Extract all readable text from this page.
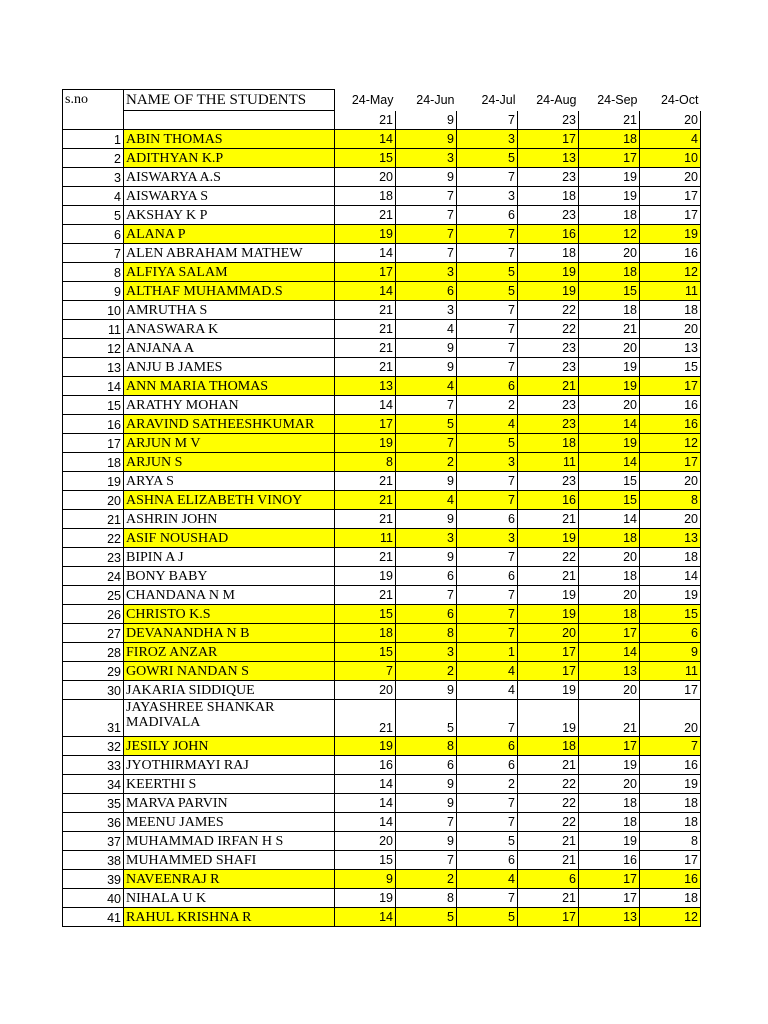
s.no	NAME OF THE STUDENTS	24-May	24-Jun	24-Jul	24-Aug	24-Sep	24-Oct
		21	9	7	23	21	20
1	ABIN THOMAS	14	9	3	17	18	4
2	ADITHYAN K.P	15	3	5	13	17	10
3	AISWARYA A.S	20	9	7	23	19	20
4	AISWARYA S	18	7	3	18	19	17
5	AKSHAY K P	21	7	6	23	18	17
6	ALANA P	19	7	7	16	12	19
7	ALEN ABRAHAM MATHEW	14	7	7	18	20	16
8	ALFIYA SALAM	17	3	5	19	18	12
9	ALTHAF MUHAMMAD.S	14	6	5	19	15	11
10	AMRUTHA S	21	3	7	22	18	18
11	ANASWARA K	21	4	7	22	21	20
12	ANJANA A	21	9	7	23	20	13
13	ANJU B JAMES	21	9	7	23	19	15
14	ANN MARIA THOMAS	13	4	6	21	19	17
15	ARATHY MOHAN	14	7	2	23	20	16
16	ARAVIND SATHEESHKUMAR	17	5	4	23	14	16
17	ARJUN M V	19	7	5	18	19	12
18	ARJUN S	8	2	3	11	14	17
19	ARYA S	21	9	7	23	15	20
20	ASHNA ELIZABETH VINOY	21	4	7	16	15	8
21	ASHRIN JOHN	21	9	6	21	14	20
22	ASIF NOUSHAD	11	3	3	19	18	13
23	BIPIN A J	21	9	7	22	20	18
24	BONY BABY	19	6	6	21	18	14
25	CHANDANA N M	21	7	7	19	20	19
26	CHRISTO K.S	15	6	7	19	18	15
27	DEVANANDHA N B	18	8	7	20	17	6
28	FIROZ ANZAR	15	3	1	17	14	9
29	GOWRI NANDAN S	7	2	4	17	13	11
30	JAKARIA SIDDIQUE	20	9	4	19	20	17
31	JAYASHREE SHANKAR MADIVALA	21	5	7	19	21	20
32	JESILY JOHN	19	8	6	18	17	7
33	JYOTHIRMAYI RAJ	16	6	6	21	19	16
34	KEERTHI S	14	9	2	22	20	19
35	MARVA PARVIN	14	9	7	22	18	18
36	MEENU JAMES	14	7	7	22	18	18
37	MUHAMMAD IRFAN H S	20	9	5	21	19	8
38	MUHAMMED SHAFI	15	7	6	21	16	17
39	NAVEENRAJ R	9	2	4	6	17	16
40	NIHALA U K	19	8	7	21	17	18
41	RAHUL KRISHNA R	14	5	5	17	13	12
